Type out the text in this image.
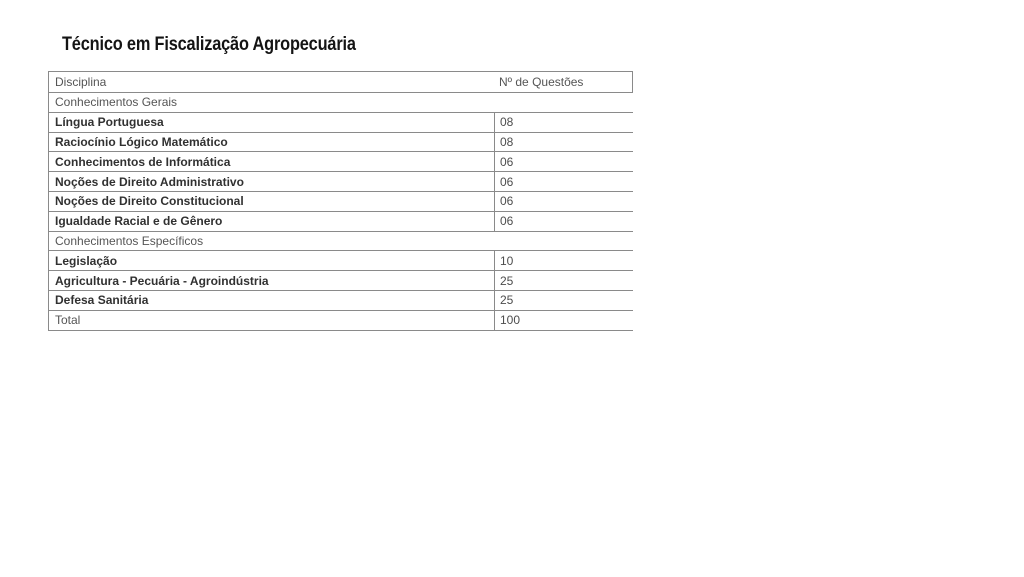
Técnico em Fiscalização Agropecuária
Disciplina	Nº de Questões
Conhecimentos Gerais
Língua Portuguesa	08
Raciocínio Lógico Matemático	08
Conhecimentos de Informática	06
Noções de Direito Administrativo	06
Noções de Direito Constitucional	06
Igualdade Racial e de Gênero	06
Conhecimentos Específicos
Legislação	10
Agricultura - Pecuária - Agroindústria	25
Defesa Sanitária	25
Total	100
